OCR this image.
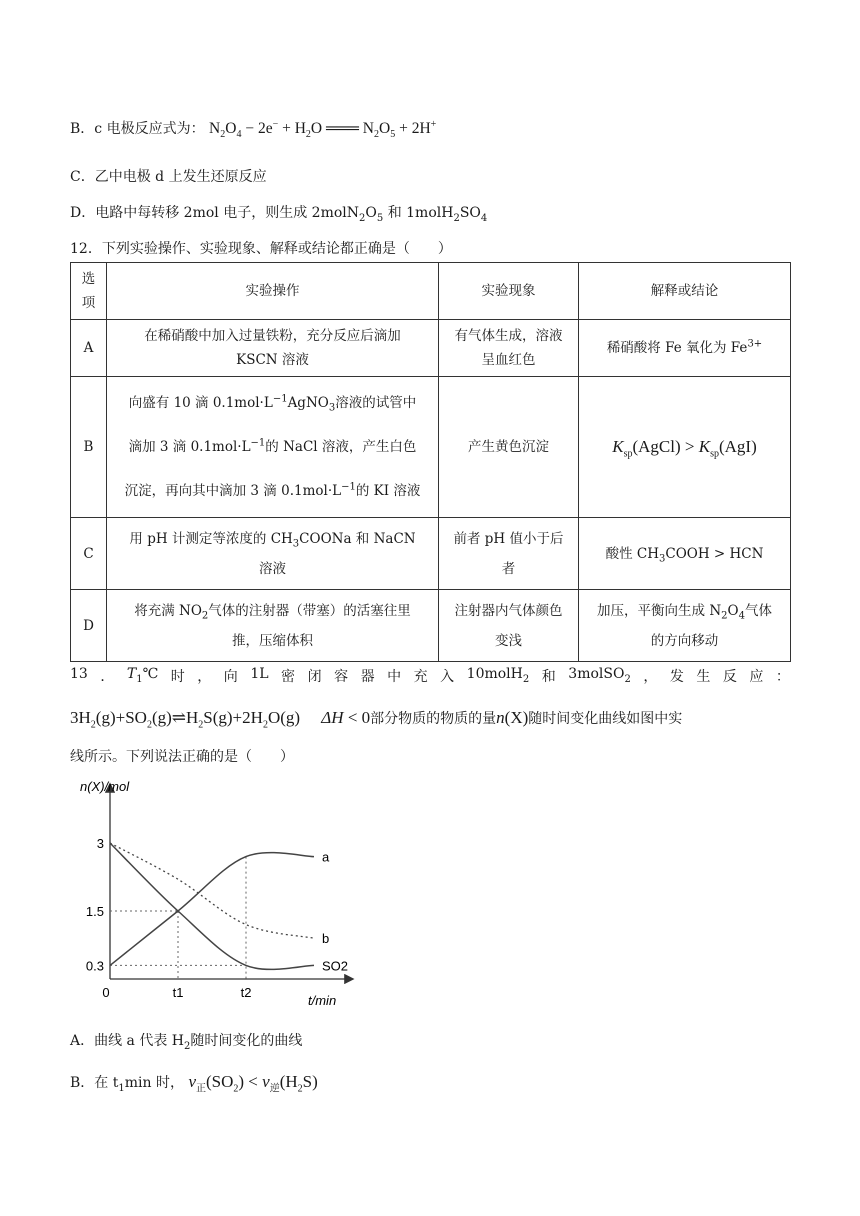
B．c 电极反应式为： $N_2O_4 - 2e^- + H_2O$ ═══ $N_2O_5 + 2H^+$
C．乙中电极 d 上发生还原反应
D．电路中每转移 2mol 电子，则生成 $2molN_2O_5$ 和 $1molH_2SO_4$
12．下列实验操作、实验现象、解释或结论都正确是（　　）
选
项	实验操作	实验现象	解释或结论
A	在稀硝酸中加入过量铁粉，充分反应后滴加
KSCN 溶液	有气体生成，溶液
呈血红色	稀硝酸将 Fe 氧化为 $Fe^{3+}$
B	向盛有 10 滴 $0.1mol\cdot L^{-1}AgNO_3$溶液的试管中
滴加 3 滴 $0.1mol\cdot L^{-1}$的 NaCl 溶液，产生白色
沉淀，再向其中滴加 3 滴 $0.1mol\cdot L^{-1}$的 KI 溶液	产生黄色沉淀	$K_{sp}(AgCl) > K_{sp}(AgI)$
C	用 pH 计测定等浓度的 $CH_3COONa$ 和 NaCN
溶液	前者 pH 值小于后
者	酸性 $CH_3COOH$ > HCN
D	将充满 $NO_2$气体的注射器（带塞）的活塞往里
推，压缩体积	注射器内气体颜色
变浅	加压，平衡向生成 $N_2O_4$气体
的方向移动
13 ． $T_1℃$ 时 ， 向 1L 密 闭 容 器 中 充 入 10molH$_2$ 和 3molSO$_2$ ， 发 生 反 应 ：
$3H_2(g)+SO_2(g)\rightleftharpoons H_2S(g)+2H_2O(g)$     ΔH < 0部分物质的物质的量n(X)随时间变化曲线如图中实
线所示。下列说法正确的是（　　）
n(X)/mol
t/min
3
1.5
0.3
0	t1	t2
a
b
SO2
A．曲线 a 代表 $H_2$随时间变化的曲线
B．在 $t_1\min$ 时， $v_正(SO_2) < v_逆(H_2S)$
